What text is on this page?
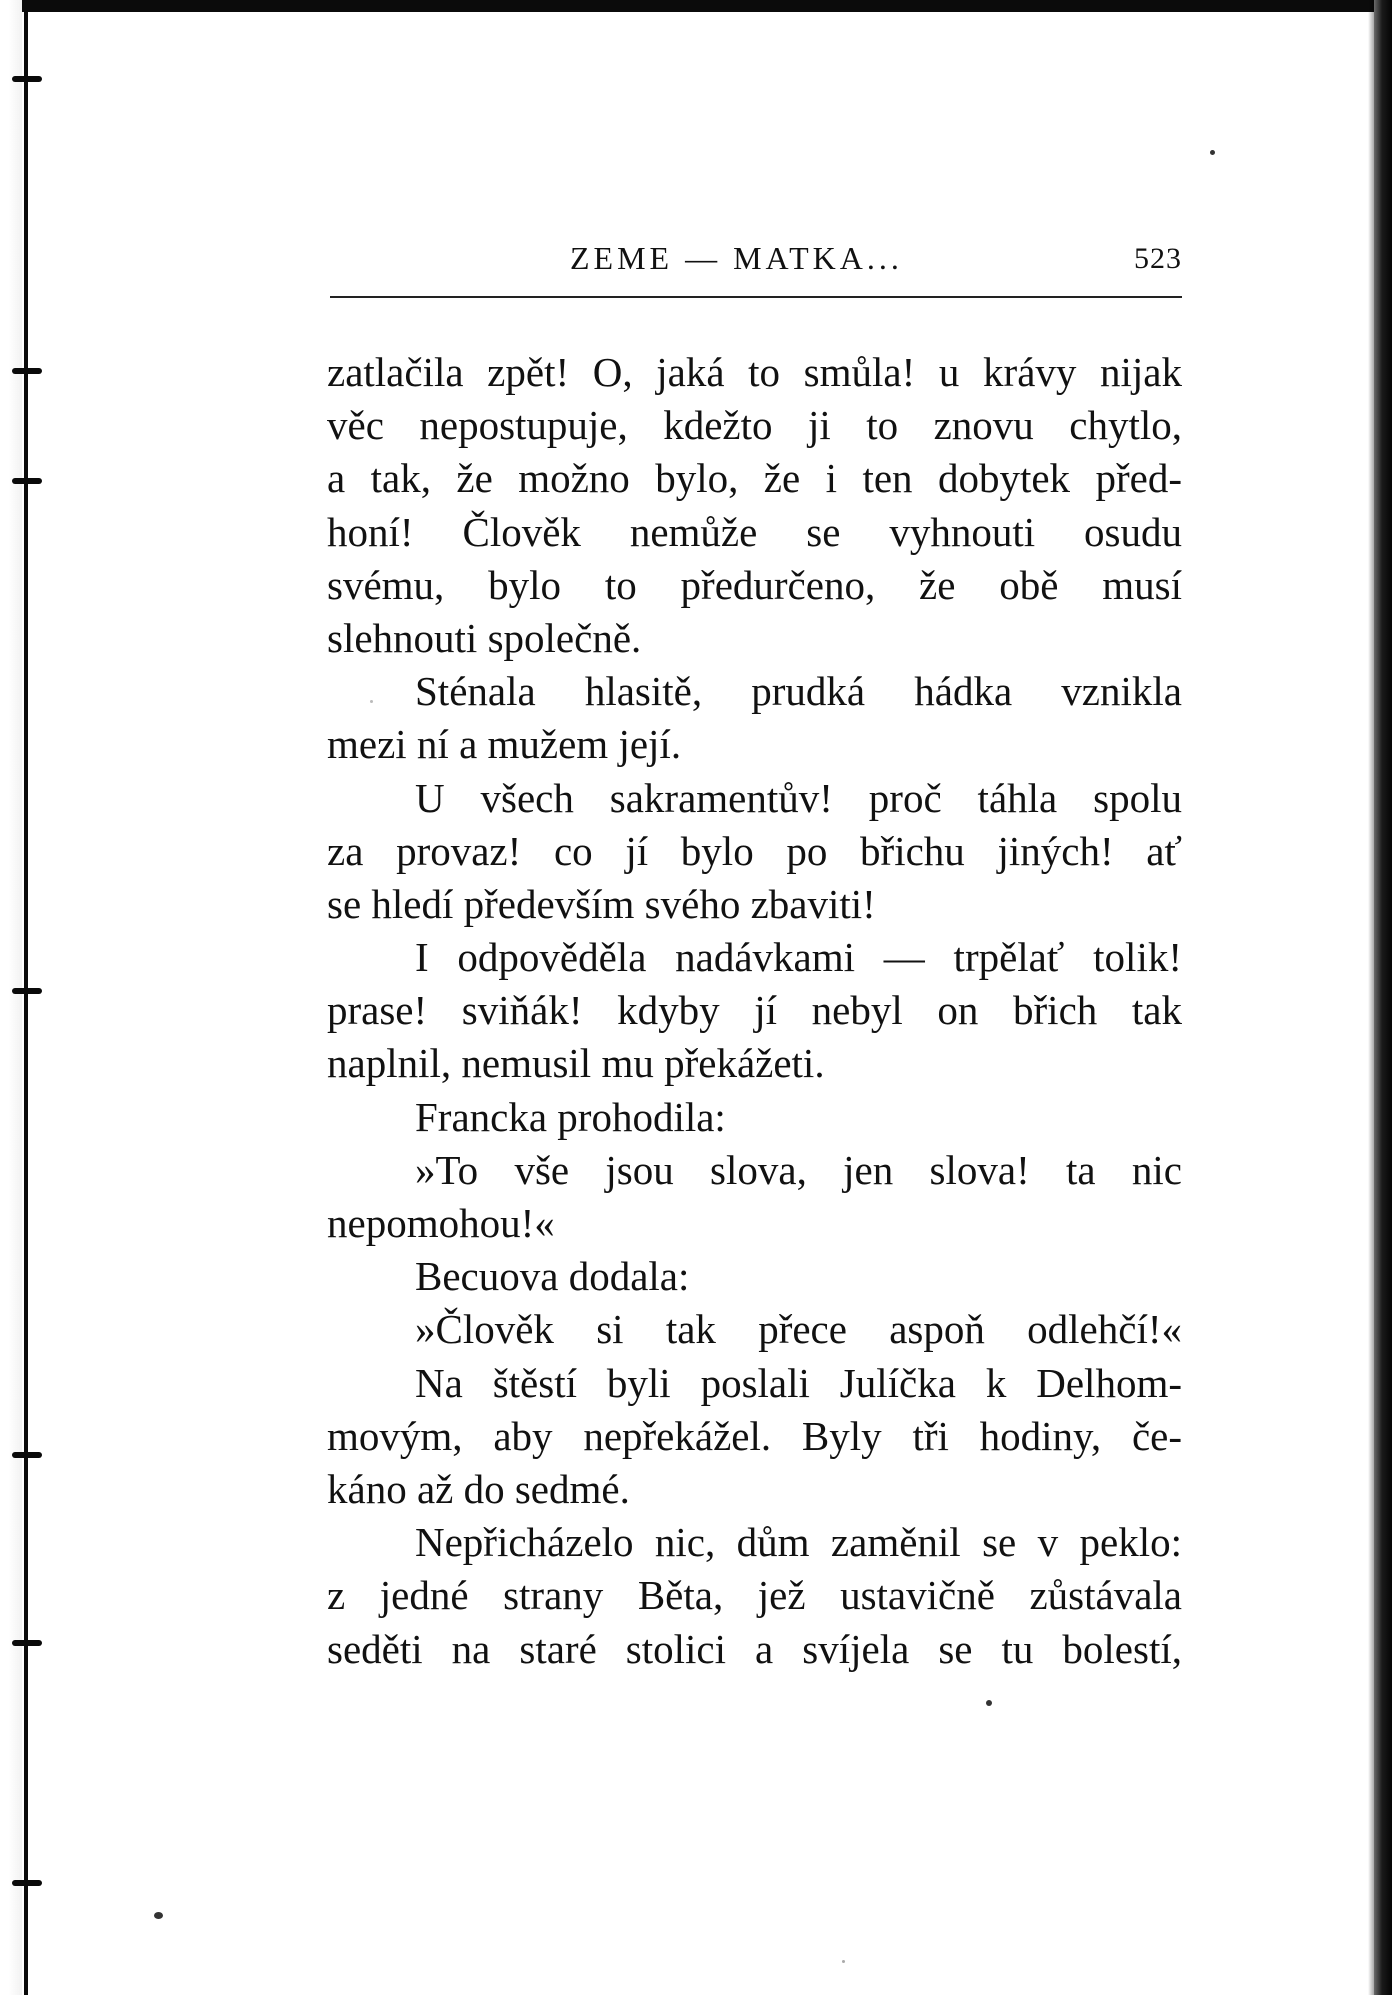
ZEME — MATKA...	523
zatlačila zpět! O, jaká to smůla! u krávy nijak
věc nepostupuje, kdežto ji to znovu chytlo,
a tak, že možno bylo, že i ten dobytek před-
honí! Člověk nemůže se vyhnouti osudu
svému, bylo to předurčeno, že obě musí
slehnouti společně.
Sténala hlasitě, prudká hádka vznikla
mezi ní a mužem její.
U všech sakramentův! proč táhla spolu
za provaz! co jí bylo po břichu jiných! ať
se hledí především svého zbaviti!
I odpověděla nadávkami — trpělať tolik!
prase! sviňák! kdyby jí nebyl on břich tak
naplnil, nemusil mu překážeti.
Francka prohodila:
»To vše jsou slova, jen slova! ta nic
nepomohou!«
Becuova dodala:
»Člověk si tak přece aspoň odlehčí!«
Na štěstí byli poslali Julíčka k Delhom-
movým, aby nepřekážel. Byly tři hodiny, če-
káno až do sedmé.
Nepřicházelo nic, dům zaměnil se v peklo:
z jedné strany Běta, jež ustavičně zůstávala
seděti na staré stolici a svíjela se tu bolestí,
